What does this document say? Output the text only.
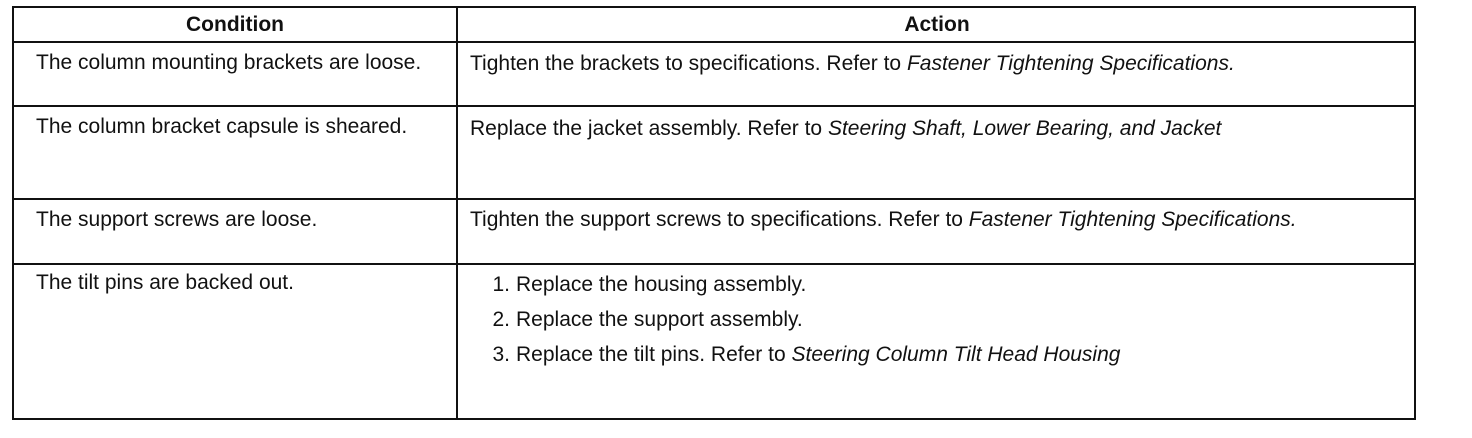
Condition	Action
The column mounting brackets are loose.	Tighten the brackets to specifications. Refer to Fastener Tightening Specifications.
The column bracket capsule is sheared.	Replace the jacket assembly. Refer to Steering Shaft, Lower Bearing, and Jacket
The support screws are loose.	Tighten the support screws to specifications. Refer to Fastener Tightening Specifications.
The tilt pins are backed out.	1. Replace the housing assembly.
2. Replace the support assembly.
3. Replace the tilt pins. Refer to Steering Column Tilt Head Housing
